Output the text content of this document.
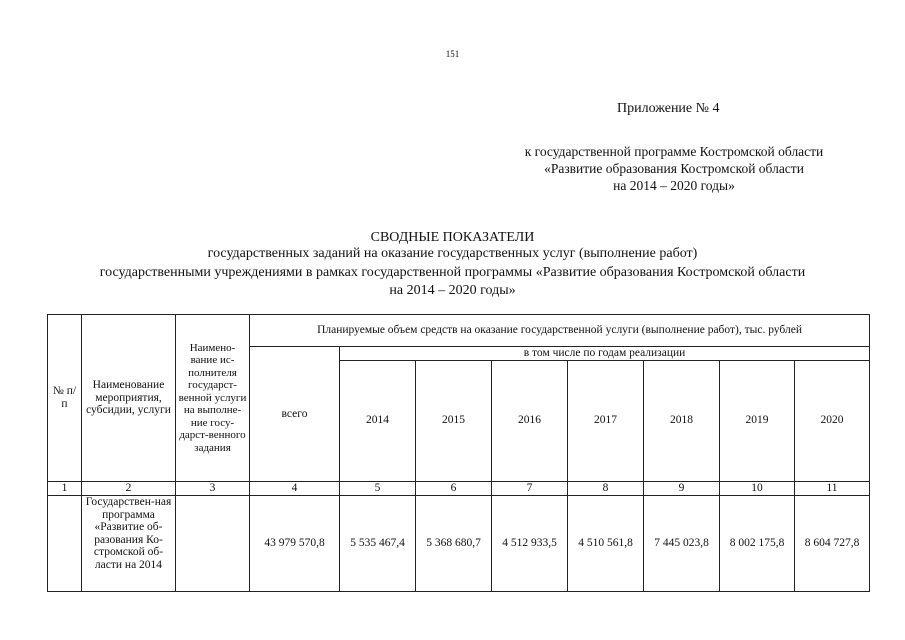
151
Приложение № 4
к государственной программе Костромской области
«Развитие образования Костромской области
на 2014 – 2020 годы»
СВОДНЫЕ ПОКАЗАТЕЛИ
государственных заданий на оказание государственных услуг (выполнение работ)
государственными учреждениями в рамках государственной программы «Развитие образования Костромской области
на 2014 – 2020 годы»
№ п/п	Наименование мероприятия, субсидии, услуги	Наимено-вание ис-полнителя государст-венной услуги на выполне-ние госу-дарст-венного задания	Планируемые объем средств на оказание государственной услуги (выполнение работ), тыс. рублей							
			всего	в том числе по годам реализации						
				2014	2015	2016	2017	2018	2019	2020
1	2	3	4	5	6	7	8	9	10	11

	Государствен-ная программа «Развитие об-разования Ко-стромской об-ласти на 2014		43 979 570,8	5 535 467,4	5 368 680,7	4 512 933,5	4 510 561,8	7 445 023,8	8 002 175,8	8 604 727,8
